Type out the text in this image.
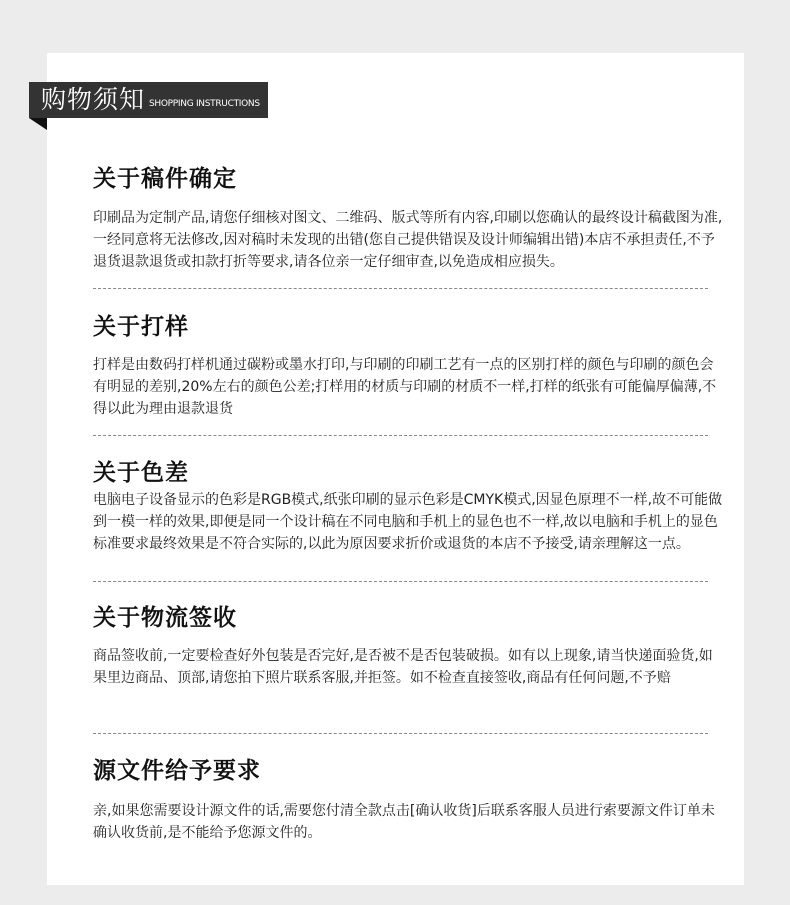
购物须知 SHOPPING INSTRUCTIONS
关于稿件确定

印刷品为定制产品,请您仔细核对图文、二维码、版式等所有内容,印刷以您确认的最终设计稿截图为准,一经同意将无法修改,因对稿时未发现的出错(您自己提供错误及设计师编辑出错)本店不承担责任,不予退货退款退货或扣款打折等要求,请各位亲一定仔细审查,以免造成相应损失。

关于打样

打样是由数码打样机通过碳粉或墨水打印,与印刷的印刷工艺有一点的区别打样的颜色与印刷的颜色会有明显的差别,20%左右的颜色公差;打样用的材质与印刷的材质不一样,打样的纸张有可能偏厚偏薄,不得以此为理由退款退货

关于色差

电脑电子设备显示的色彩是RGB模式,纸张印刷的显示色彩是CMYK模式,因显色原理不一样,故不可能做到一模一样的效果,即便是同一个设计稿在不同电脑和手机上的显色也不一样,故以电脑和手机上的显色标准要求最终效果是不符合实际的,以此为原因要求折价或退货的本店不予接受,请亲理解这一点。

关于物流签收

商品签收前,一定要检查好外包装是否完好,是否被不是否包装破损。如有以上现象,请当快递面验货,如果里边商品、顶部,请您拍下照片联系客服,并拒签。如不检查直接签收,商品有任何问题,不予赔

源文件给予要求

亲,如果您需要设计源文件的话,需要您付清全款点击[确认收货]后联系客服人员进行索要源文件订单未确认收货前,是不能给予您源文件的。
